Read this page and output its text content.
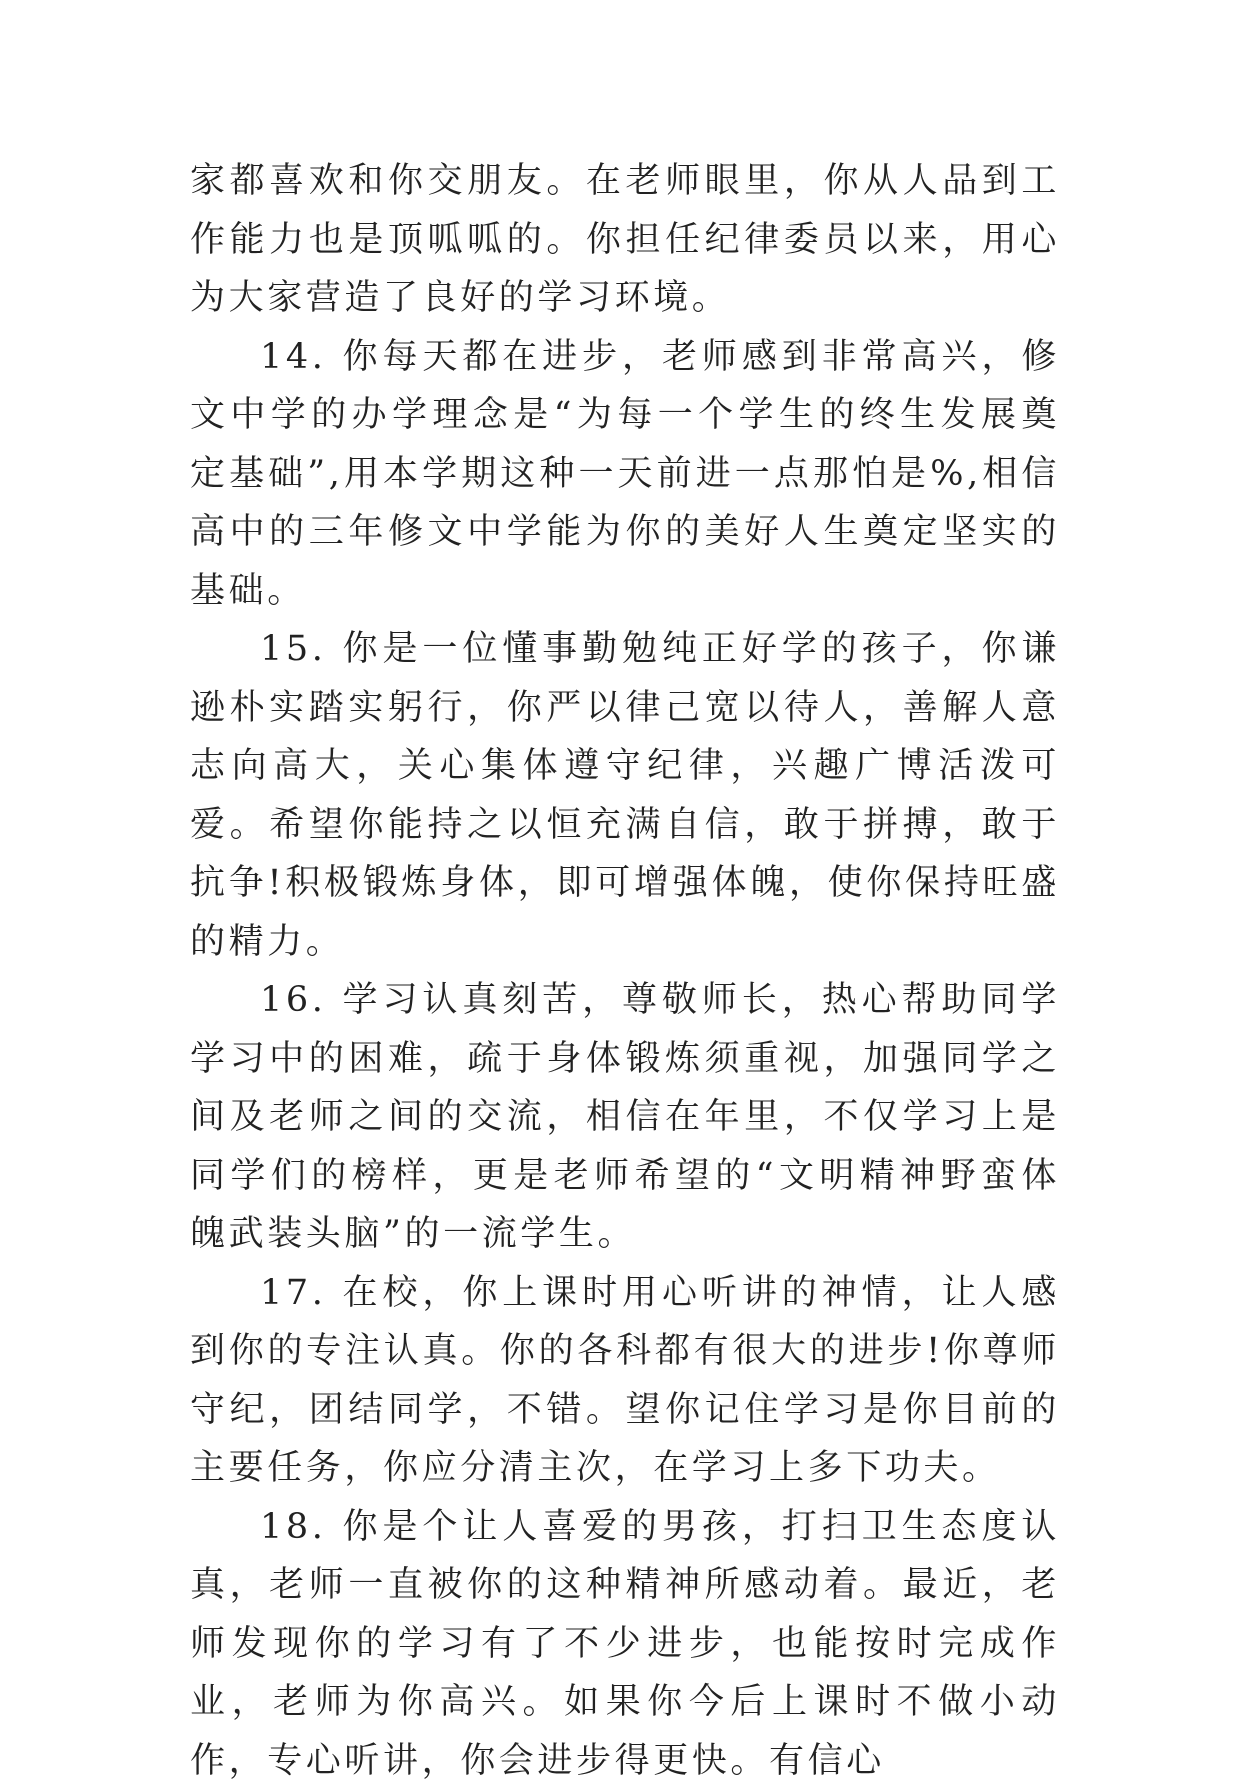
家都喜欢和你交朋友。在老师眼里，你从人品到工作能力也是顶呱呱的。你担任纪律委员以来，用心为大家营造了良好的学习环境。

14. 你每天都在进步，老师感到非常高兴，修文中学的办学理念是“为每一个学生的终生发展奠定基础”,用本学期这种一天前进一点那怕是%,相信高中的三年修文中学能为你的美好人生奠定坚实的基础。

15. 你是一位懂事勤勉纯正好学的孩子，你谦逊朴实踏实躬行，你严以律己宽以待人，善解人意志向高大，关心集体遵守纪律，兴趣广博活泼可爱。希望你能持之以恒充满自信，敢于拼搏，敢于抗争!积极锻炼身体，即可增强体魄，使你保持旺盛的精力。

16. 学习认真刻苦，尊敬师长，热心帮助同学学习中的困难，疏于身体锻炼须重视，加强同学之间及老师之间的交流，相信在年里，不仅学习上是同学们的榜样，更是老师希望的“文明精神野蛮体魄武装头脑”的一流学生。

17. 在校，你上课时用心听讲的神情，让人感到你的专注认真。你的各科都有很大的进步!你尊师守纪，团结同学，不错。望你记住学习是你目前的主要任务，你应分清主次，在学习上多下功夫。

18. 你是个让人喜爱的男孩，打扫卫生态度认真，老师一直被你的这种精神所感动着。最近，老师发现你的学习有了不少进步，也能按时完成作业，老师为你高兴。如果你今后上课时不做小动作，专心听讲，你会进步得更快。有信心
